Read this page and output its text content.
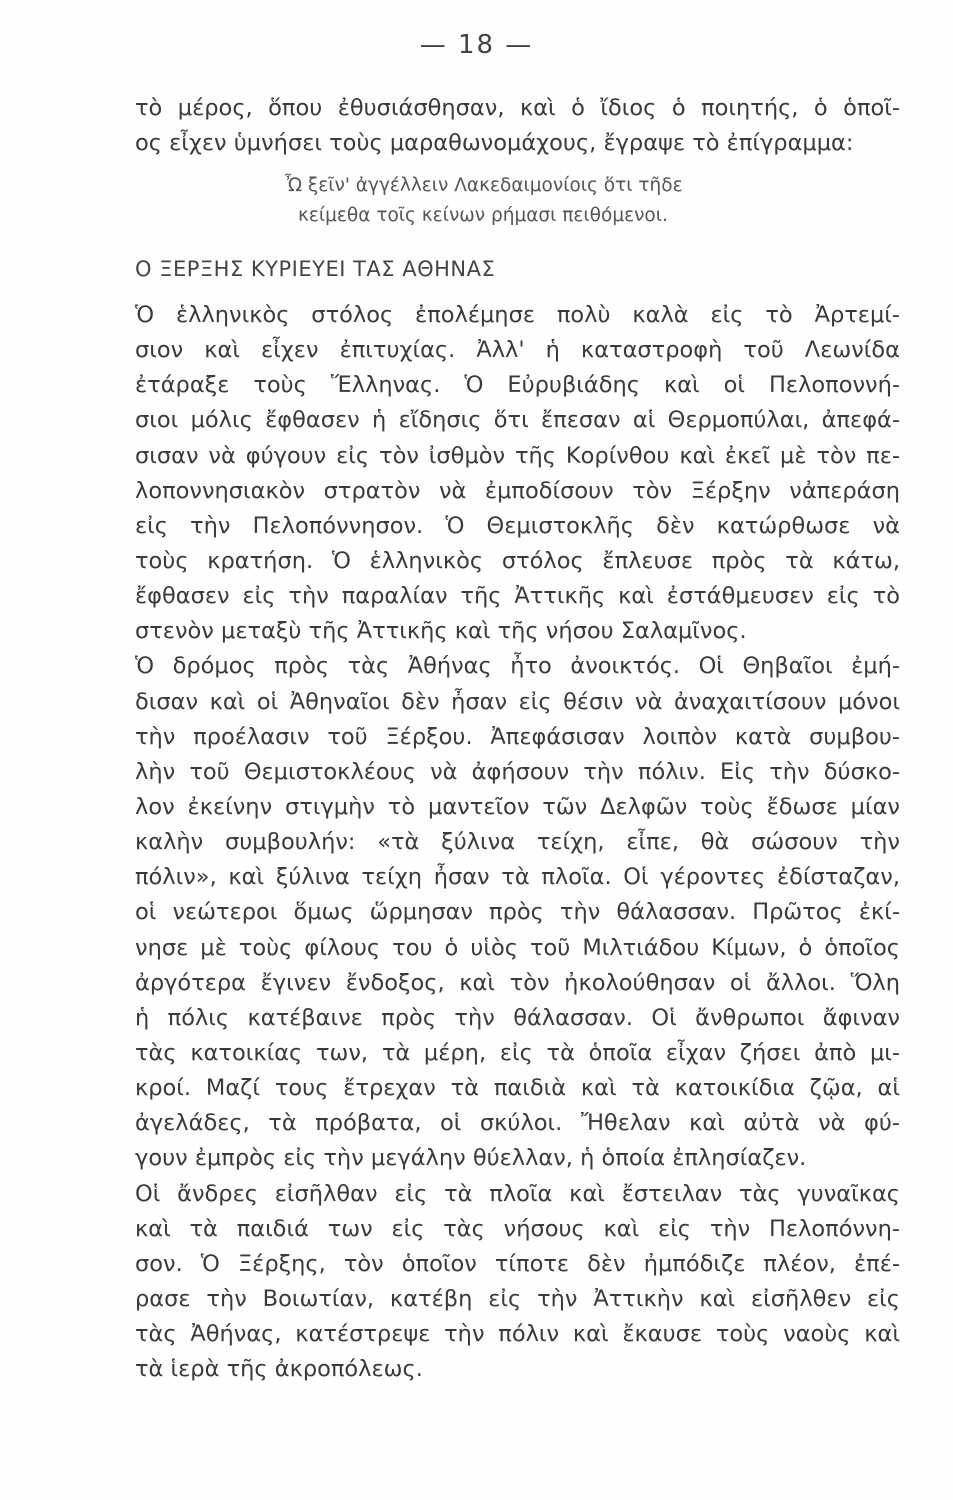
— 18 —
τὸ μέρος, ὅπου ἐθυσιάσθησαν, καὶ ὁ ἴδιος ὁ ποιητής, ὁ ὁποῖ-
ος εἶχεν ὑμνήσει τοὺς μαραθωνομάχους, ἔγραψε τὸ ἐπίγραμμα:
Ὦ ξεῖν' ἀγγέλλειν Λακεδαιμονίοις ὅτι τῆδε
κείμεθα τοῖς κείνων ρήμασι πειθόμενοι.
Ο ΞΕΡΞΗΣ ΚΥΡΙΕΥΕΙ ΤΑΣ ΑΘΗΝΑΣ
Ὁ ἑλληνικὸς στόλος ἐπολέμησε πολὺ καλὰ εἰς τὸ Ἀρτεμί-
σιον καὶ εἶχεν ἐπιτυχίας. Ἀλλ' ἡ καταστροφὴ τοῦ Λεωνίδα
ἐτάραξε τοὺς Ἕλληνας. Ὁ Εὐρυβιάδης καὶ οἱ Πελοποννή-
σιοι μόλις ἔφθασεν ἡ εἴδησις ὅτι ἔπεσαν αἱ Θερμοπύλαι, ἀπεφά-
σισαν νὰ φύγουν εἰς τὸν ἰσθμὸν τῆς Κορίνθου καὶ ἐκεῖ μὲ τὸν πε-
λοποννησιακὸν στρατὸν νὰ ἐμποδίσουν τὸν Ξέρξην νἀπεράση
εἰς τὴν Πελοπόννησον. Ὁ Θεμιστοκλῆς δὲν κατώρθωσε νὰ
τοὺς κρατήση. Ὁ ἑλληνικὸς στόλος ἔπλευσε πρὸς τὰ κάτω,
ἔφθασεν εἰς τὴν παραλίαν τῆς Ἀττικῆς καὶ ἐστάθμευσεν εἰς τὸ
στενὸν μεταξὺ τῆς Ἀττικῆς καὶ τῆς νήσου Σαλαμῖνος.
Ὁ δρόμος πρὸς τὰς Ἀθήνας ἦτο ἀνοικτός. Οἱ Θηβαῖοι ἐμή-
δισαν καὶ οἱ Ἀθηναῖοι δὲν ἦσαν εἰς θέσιν νὰ ἀναχαιτίσουν μόνοι
τὴν προέλασιν τοῦ Ξέρξου. Ἀπεφάσισαν λοιπὸν κατὰ συμβου-
λὴν τοῦ Θεμιστοκλέους νὰ ἀφήσουν τὴν πόλιν. Εἰς τὴν δύσκο-
λον ἐκείνην στιγμὴν τὸ μαντεῖον τῶν Δελφῶν τοὺς ἔδωσε μίαν
καλὴν συμβουλήν: «τὰ ξύλινα τείχη, εἶπε, θὰ σώσουν τὴν
πόλιν», καὶ ξύλινα τείχη ἦσαν τὰ πλοῖα. Οἱ γέροντες ἐδίσταζαν,
οἱ νεώτεροι ὅμως ὥρμησαν πρὸς τὴν θάλασσαν. Πρῶτος ἐκί-
νησε μὲ τοὺς φίλους του ὁ υἱὸς τοῦ Μιλτιάδου Κίμων, ὁ ὁποῖος
ἀργότερα ἔγινεν ἔνδοξος, καὶ τὸν ἠκολούθησαν οἱ ἄλλοι. Ὅλη
ἡ πόλις κατέβαινε πρὸς τὴν θάλασσαν. Οἱ ἄνθρωποι ἄφιναν
τὰς κατοικίας των, τὰ μέρη, εἰς τὰ ὁποῖα εἶχαν ζήσει ἀπὸ μι-
κροί. Μαζί τους ἔτρεχαν τὰ παιδιὰ καὶ τὰ κατοικίδια ζῷα, αἱ
ἀγελάδες, τὰ πρόβατα, οἱ σκύλοι. Ἤθελαν καὶ αὐτὰ νὰ φύ-
γουν ἐμπρὸς εἰς τὴν μεγάλην θύελλαν, ἡ ὁποία ἐπλησίαζεν.
Οἱ ἄνδρες εἰσῆλθαν εἰς τὰ πλοῖα καὶ ἔστειλαν τὰς γυναῖκας
καὶ τὰ παιδιά των εἰς τὰς νήσους καὶ εἰς τὴν Πελοπόννη-
σον. Ὁ Ξέρξης, τὸν ὁποῖον τίποτε δὲν ἠμπόδιζε πλέον, ἐπέ-
ρασε τὴν Βοιωτίαν, κατέβη εἰς τὴν Ἀττικὴν καὶ εἰσῆλθεν εἰς
τὰς Ἀθήνας, κατέστρεψε τὴν πόλιν καὶ ἔκαυσε τοὺς ναοὺς καὶ
τὰ ἱερὰ τῆς ἀκροπόλεως.
